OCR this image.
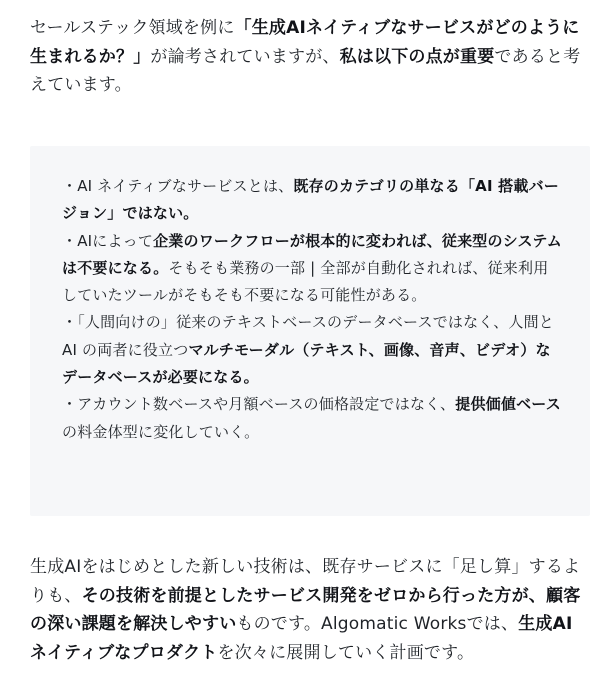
セールステック領域を例に「生成AIネイティブなサービスがどのように生まれるか？」が論考されていますが、私は以下の点が重要であると考えています。

・AI ネイティブなサービスとは、既存のカテゴリの単なる「AI 搭載バージョン」ではない。
・AIによって企業のワークフローが根本的に変われば、従来型のシステムは不要になる。そもそも業務の一部 | 全部が自動化されれば、従来利用していたツールがそもそも不要になる可能性がある。
・「人間向けの」従来のテキストベースのデータベースではなく、人間と AI の両者に役立つマルチモーダル（テキスト、画像、音声、ビデオ）なデータベースが必要になる。
・アカウント数ベースや月額ベースの価格設定ではなく、提供価値ベースの料金体型に変化していく。

生成AIをはじめとした新しい技術は、既存サービスに「足し算」するよりも、その技術を前提としたサービス開発をゼロから行った方が、顧客の深い課題を解決しやすいものです。Algomatic Worksでは、生成AIネイティブなプロダクトを次々に展開していく計画です。
